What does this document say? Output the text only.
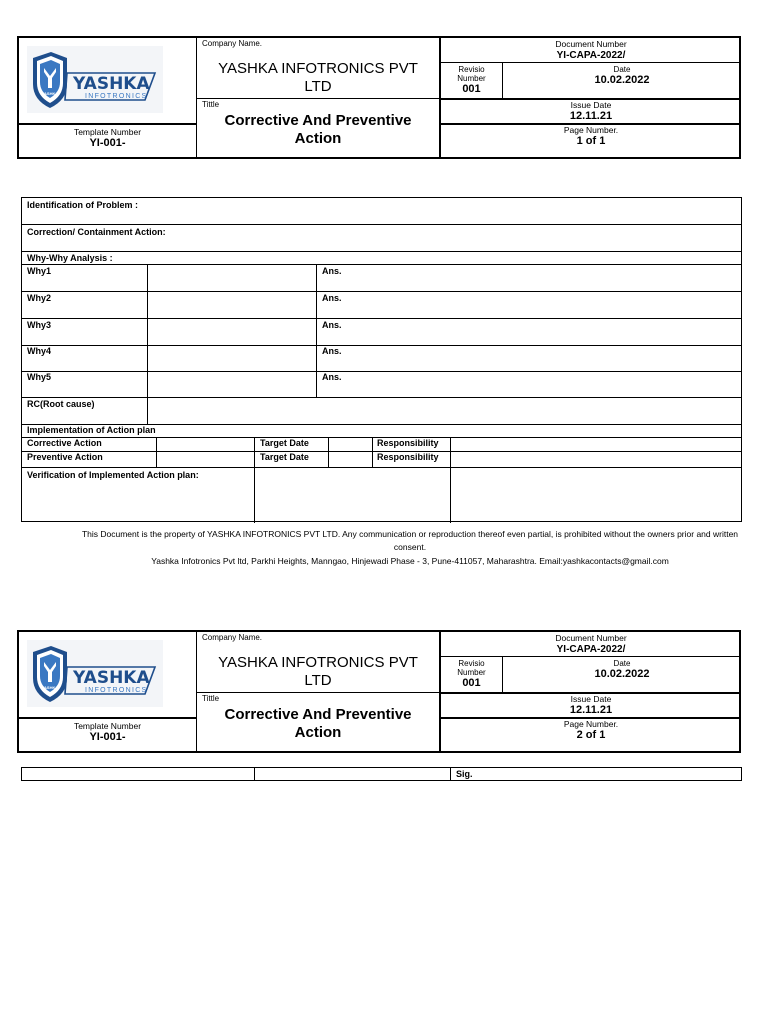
YASHKA YASHKA
INFOTRONICS
Template Number
YI-001-
Company Name.
YASHKA INFOTRONICS PVT LTD
Tittle
Corrective And Preventive Action
Document Number
YI-CAPA-2022/
Revisio Number
001
Date
10.02.2022
Issue Date
12.11.21
Page Number.
1 of 1
Identification of Problem :
Correction/ Containment Action:
Why-Why Analysis :
Why1	Ans.
Why2	Ans.
Why3	Ans.
Why4	Ans.
Why5	Ans.
RC(Root cause)
Implementation of Action plan
Corrective Action	Target Date	Responsibility
Preventive Action	Target Date	Responsibility
Verification of Implemented Action plan:
This Document is the property of YASHKA INFOTRONICS PVT LTD. Any communication or reproduction thereof even partial, is prohibited without the owners prior and written consent.
Yashka Infotronics Pvt ltd, Parkhi Heights, Manngao, Hinjewadi Phase - 3, Pune-411057, Maharashtra. Email:yashkacontacts@gmail.com
YASHKA YASHKA
INFOTRONICS
Template Number
YI-001-
Company Name.
YASHKA INFOTRONICS PVT LTD
Tittle
Corrective And Preventive Action
Document Number
YI-CAPA-2022/
Revisio Number
001
Date
10.02.2022
Issue Date
12.11.21
Page Number.
2 of 1
Sig.
